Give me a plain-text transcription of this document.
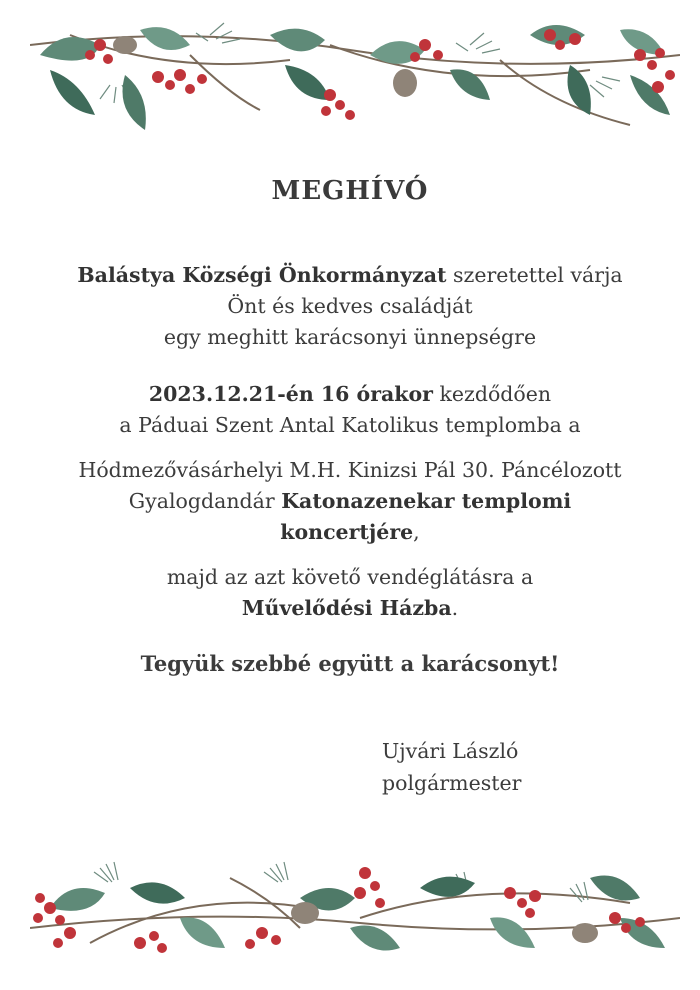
MEGHÍVÓ
Balástya Községi Önkormányzat szeretettel várja
Önt és kedves családját
egy meghitt karácsonyi ünnepségre
2023.12.21-én 16 órakor kezdődően
a Páduai Szent Antal Katolikus templomba a
Hódmezővásárhelyi M.H. Kinizsi Pál 30. Páncélozott
Gyalogdandár Katonazenekar templomi
koncertjére,
majd az azt követő vendéglátásra a
Művelődési Házba.
Tegyük szebbé együtt a karácsonyt!
Ujvári László
polgármester
